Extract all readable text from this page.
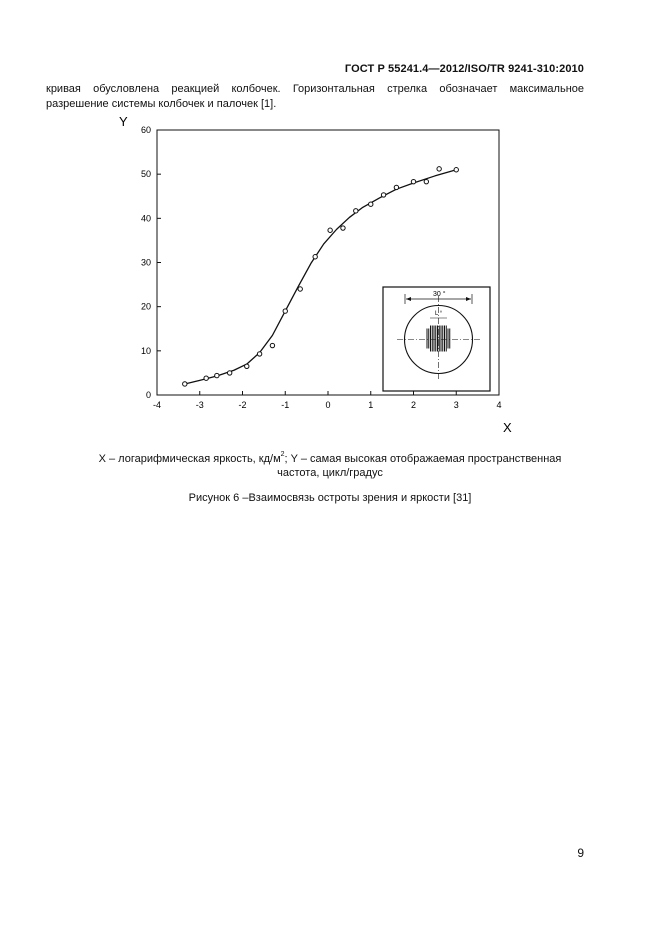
ГОСТ Р 55241.4—2012/ISO/TR 9241-310:2010
кривая обусловлена реакцией колбочек. Горизонтальная стрелка обозначает максимальное
разрешение системы колбочек и палочек [1].
-4	-3	-2	-1	0	1	2	3	4
0
10
20
30
40
50
60
Y
X
30 °
L °
X – логарифмическая яркость, $кд/м^2$; Y – самая высокая отображаемая пространственная
частота, цикл/градус
Рисунок 6 –Взаимосвязь остроты зрения и яркости [31]
9
